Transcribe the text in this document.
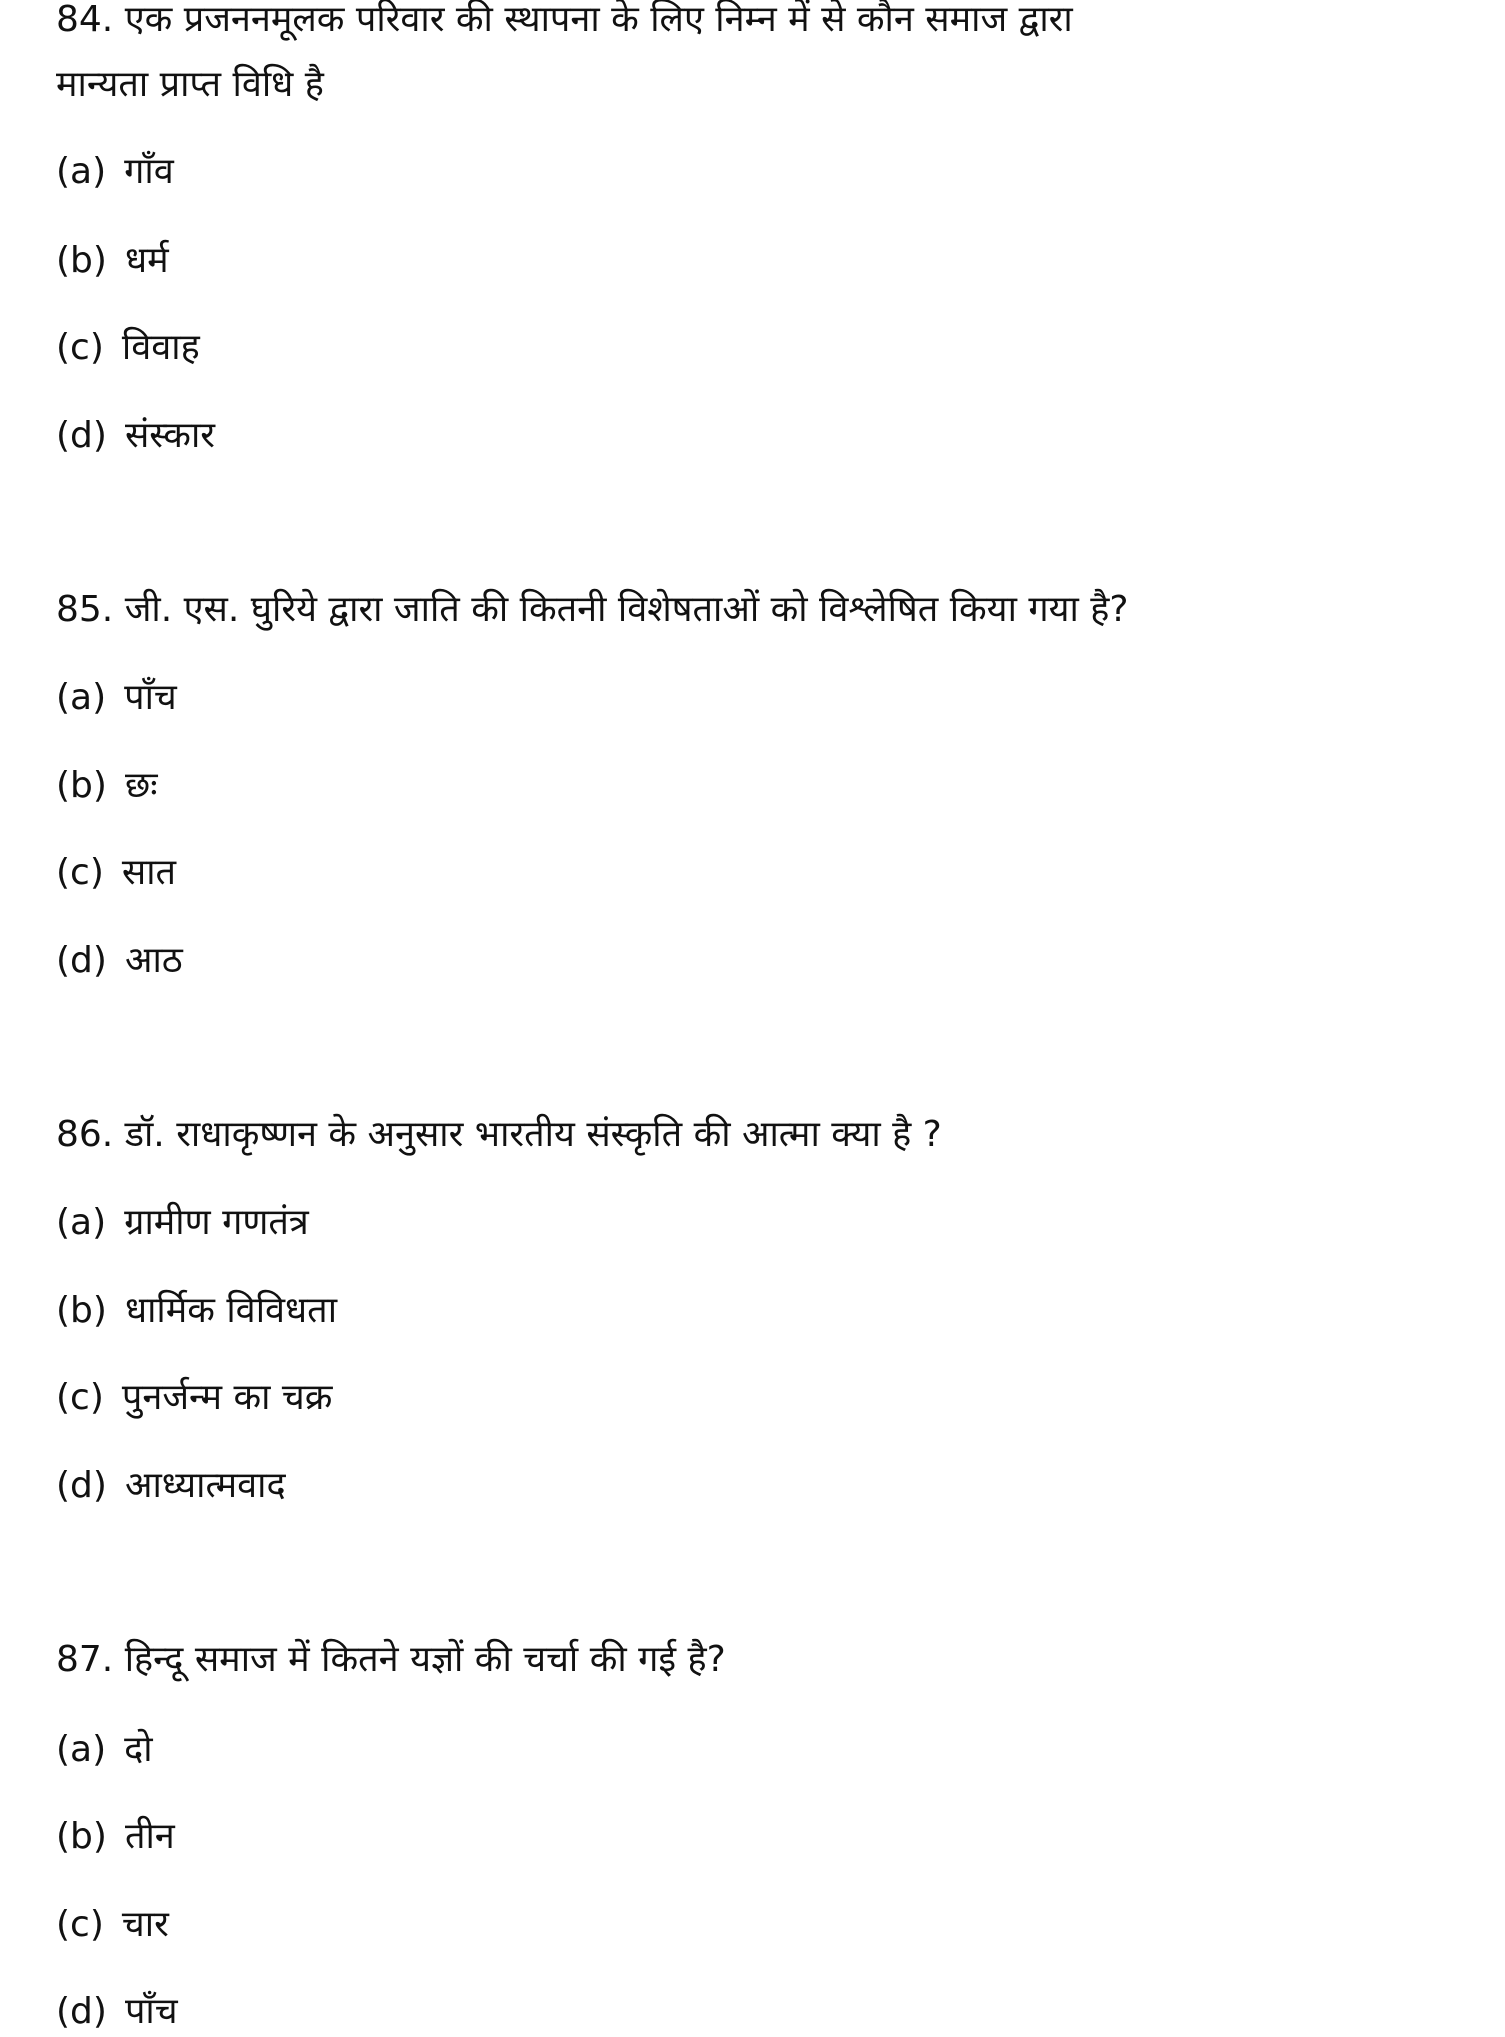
84. एक प्रजननमूलक परिवार की स्थापना के लिए निम्न में से कौन समाज द्वारा
मान्यता प्राप्त विधि है
(a) गाँव
(b) धर्म
(c) विवाह
(d) संस्कार
85. जी. एस. घुरिये द्वारा जाति की कितनी विशेषताओं को विश्लेषित किया गया है?
(a) पाँच
(b) छः
(c) सात
(d) आठ
86. डॉ. राधाकृष्णन के अनुसार भारतीय संस्कृति की आत्मा क्या है ?
(a) ग्रामीण गणतंत्र
(b) धार्मिक विविधता
(c) पुनर्जन्म का चक्र
(d) आध्यात्मवाद
87. हिन्दू समाज में कितने यज्ञों की चर्चा की गई है?
(a) दो
(b) तीन
(c) चार
(d) पाँच
